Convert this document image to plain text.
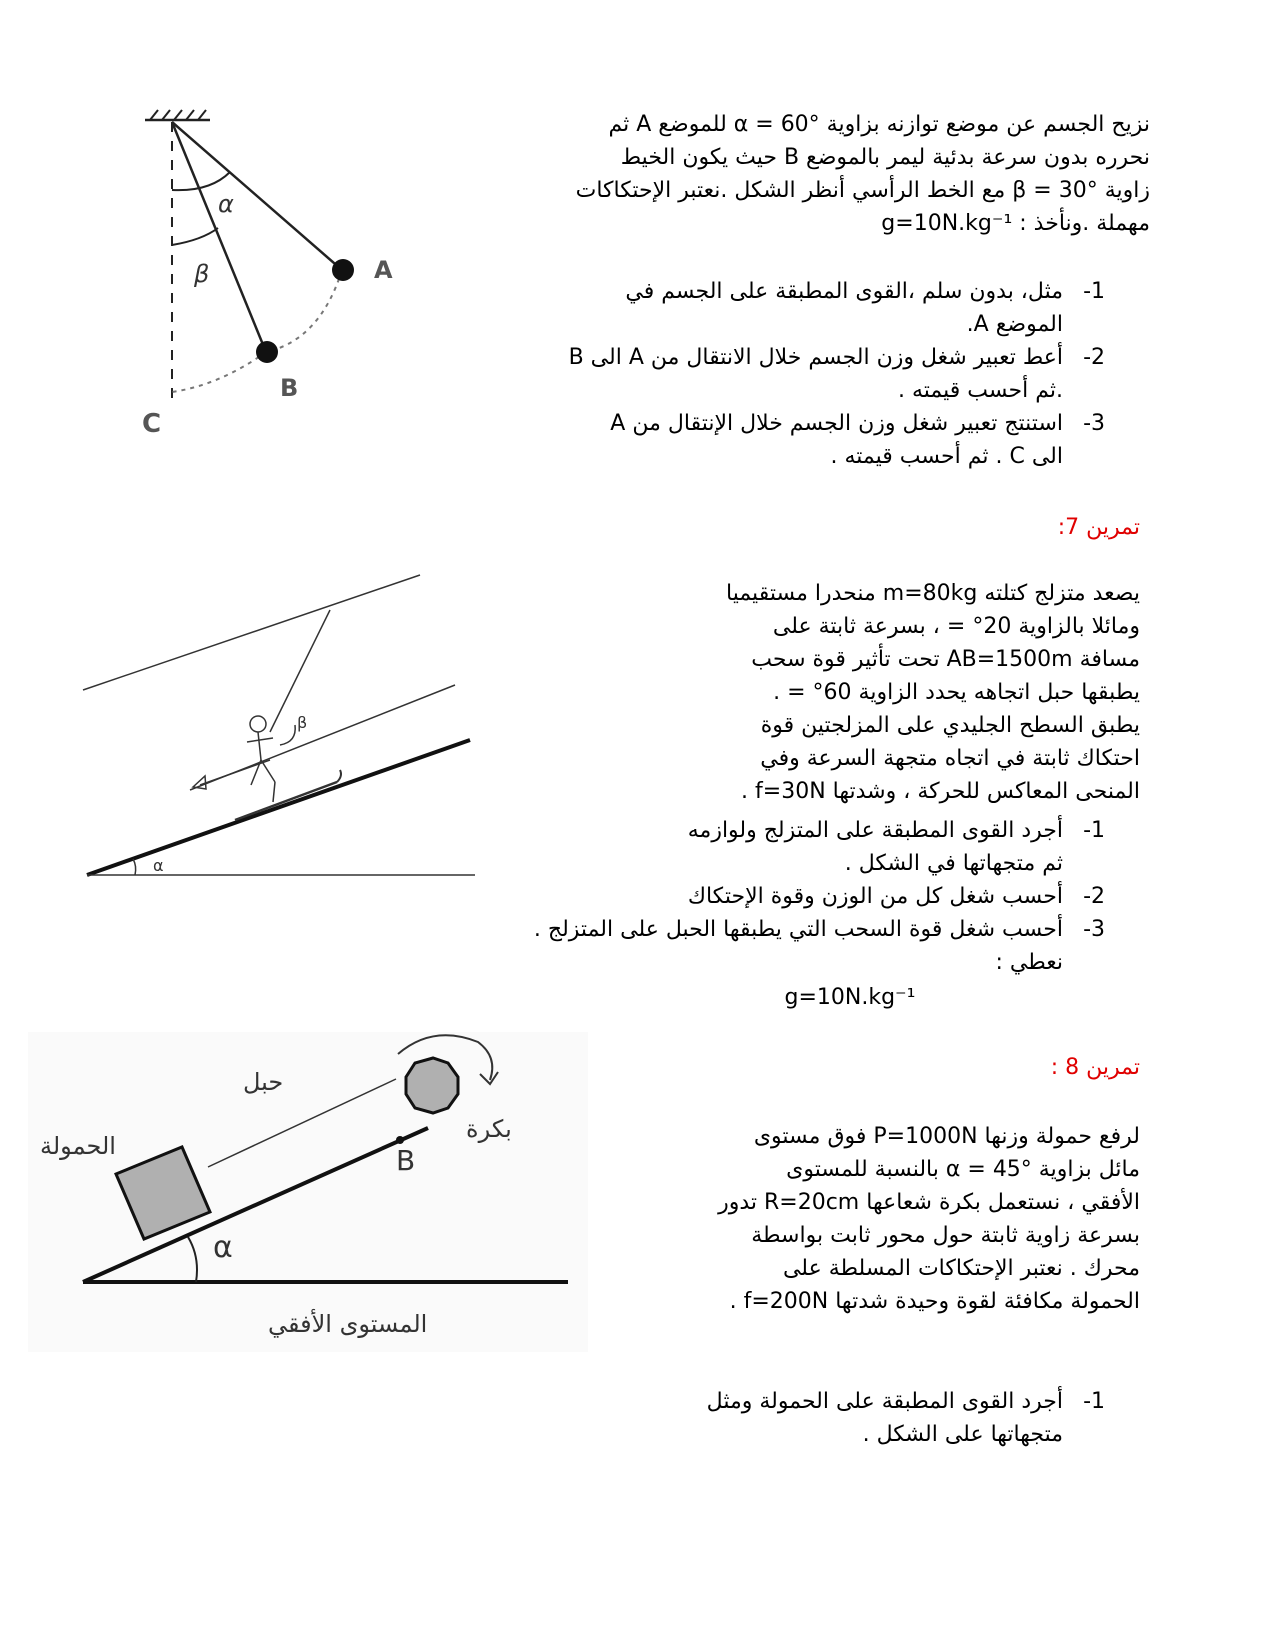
نزيح الجسم عن موضع توازنه بزاوية α = 60° للموضع A ثم
نحرره بدون سرعة بدئية ليمر بالموضع B حيث يكون الخيط
زاوية β = 30° مع الخط الرأسي أنظر الشكل .نعتبر الإحتكاكات
مهملة .ونأخذ : g=10N.kg⁻¹
-1
مثل، بدون سلم ،القوى المطبقة على الجسم في
الموضع A.
-2
أعط تعبير شغل وزن الجسم خلال الانتقال من A الى B
.ثم أحسب قيمته .
-3
استنتج تعبير شغل وزن الجسم خلال الإنتقال من A
الى C . ثم أحسب قيمته .
α
β	A
B
C
تمرين 7:
يصعد متزلج كتلته m=80kg منحدرا مستقيميا
ومائلا بالزاوية 20° = ، بسرعة ثابتة على
مسافة AB=1500m تحت تأثير قوة سحب
يطبقها حبل اتجاهه يحدد الزاوية 60° = .
يطبق السطح الجليدي على المزلجتين قوة
احتكاك ثابتة في اتجاه متجهة السرعة وفي
المنحى المعاكس للحركة ، وشدتها f=30N .
-1
أجرد القوى المطبقة على المتزلج ولوازمه
ثم متجهاتها في الشكل .
-2
أحسب شغل كل من الوزن وقوة الإحتكاك
-3
أحسب شغل قوة السحب التي يطبقها الحبل على المتزلج .
نعطي :
g=10N.kg⁻¹
α
β
تمرين 8 :
لرفع حمولة وزنها P=1000N فوق مستوى
مائل بزاوية α = 45° بالنسبة للمستوى
الأفقي ، نستعمل بكرة شعاعها R=20cm تدور
بسرعة زاوية ثابتة حول محور ثابت بواسطة
محرك . نعتبر الإحتكاكات المسلطة على
الحمولة مكافئة لقوة وحيدة شدتها f=200N .
-1
أجرد القوى المطبقة على الحمولة ومثل
متجهاتها على الشكل .
α
B
حبل
الحمولة
بكرة
المستوى الأفقي
